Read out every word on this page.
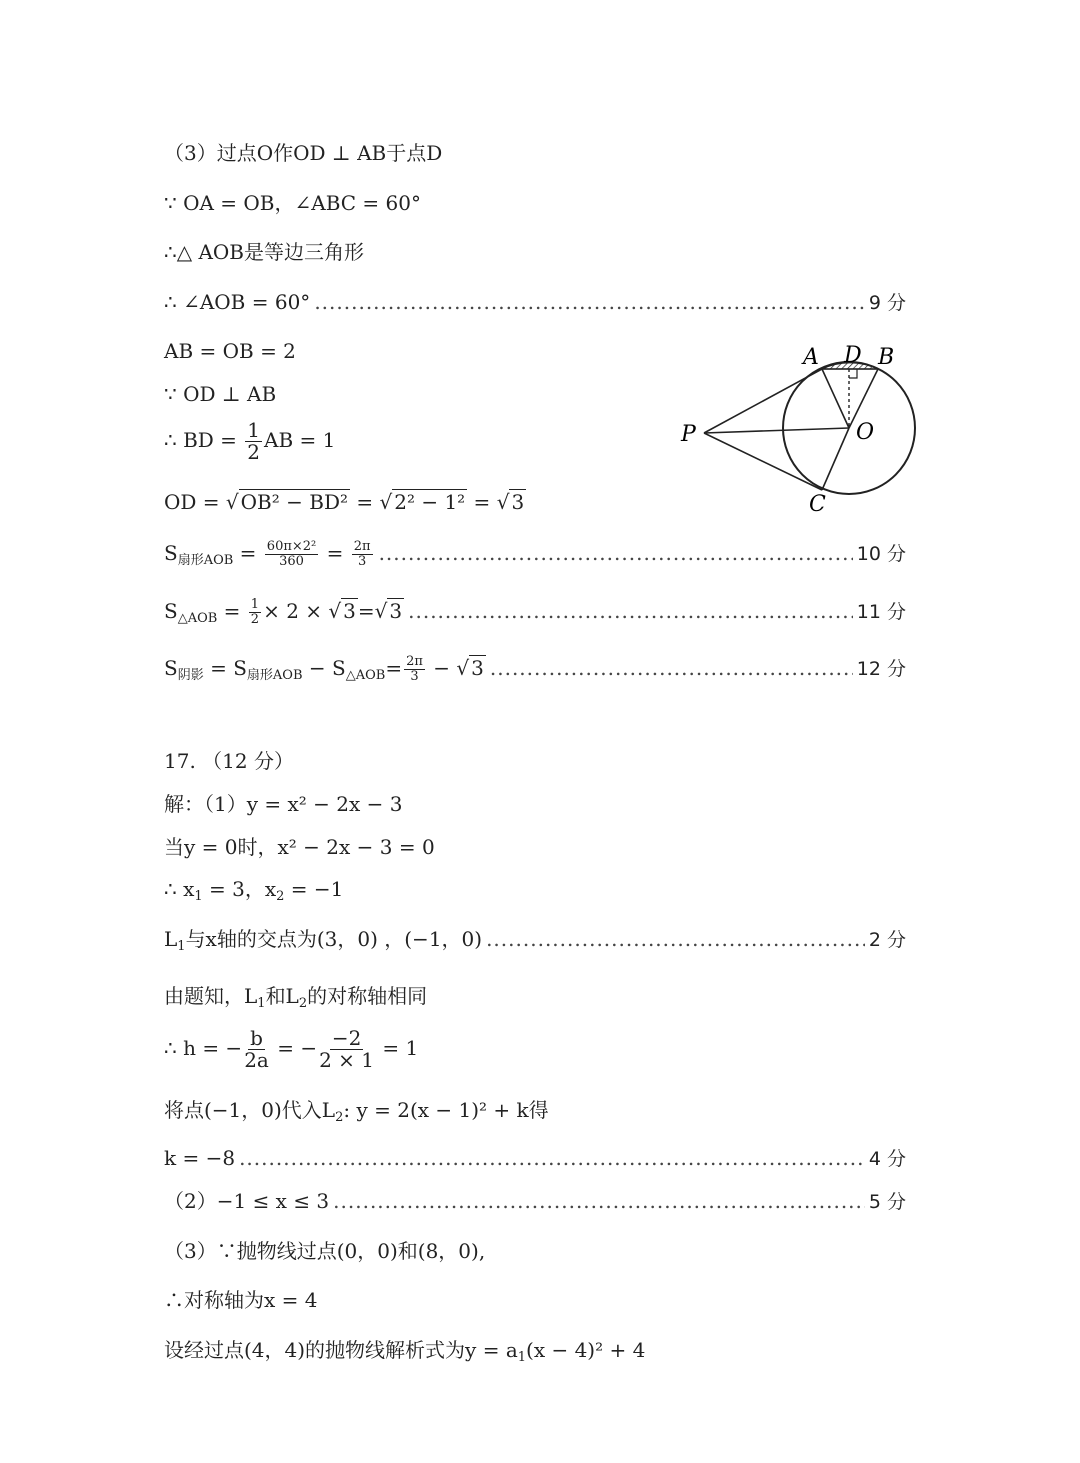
（3）过点O作OD ⊥ AB于点D
∵ OA = OB，∠ABC = 60°
∴△ AOB是等边三角形
∴ ∠AOB = 60° .....	9 分
AB = OB = 2
∵ OD ⊥ AB
∴ BD = $\frac{1}{2}$ AB = 1
OD = √ OB² − BD² = √ 2² − 1² = √ 3
$S_{扇形AOB} = \frac{\text{60π×2²}}{360} = \frac{2\pi}{3}$ .....	10 分
$S_{\triangle AOB} = \frac{1}{2} \times 2$ × √ 3 =√ 3 .....	11 分
$S_{阴影} = S_{扇形AOB} - S_{\triangle AOB}= \frac{2\pi}{3}$ − √ 3 .....	12 分
A D B
P	O
C
17. （12 分）
解：（1）y = x² − 2x − 3
当y = 0时，x² − 2x − 3 = 0
∴ $x_1 = 3$，$x_2 = -1$
$L_1$与x轴的交点为(3，0) ，(−1，0) .....	2 分
由题知，$L_1$和$L_2$的对称轴相同
∴ h = − $\frac{b}{2a}$ = − $\frac{-2}{2 \times 1} = 1$
将点(−1，0)代入$L_2$: y = 2(x − 1)² + k得
k = −8 .....	4 分
（2）−1 ≤ x ≤ 3 .....	5 分
（3）∵抛物线过点(0，0)和(8，0),
∴对称轴为x = 4
设经过点(4，4)的抛物线解析式为$y = a_1(x - 4)^2 + 4$
